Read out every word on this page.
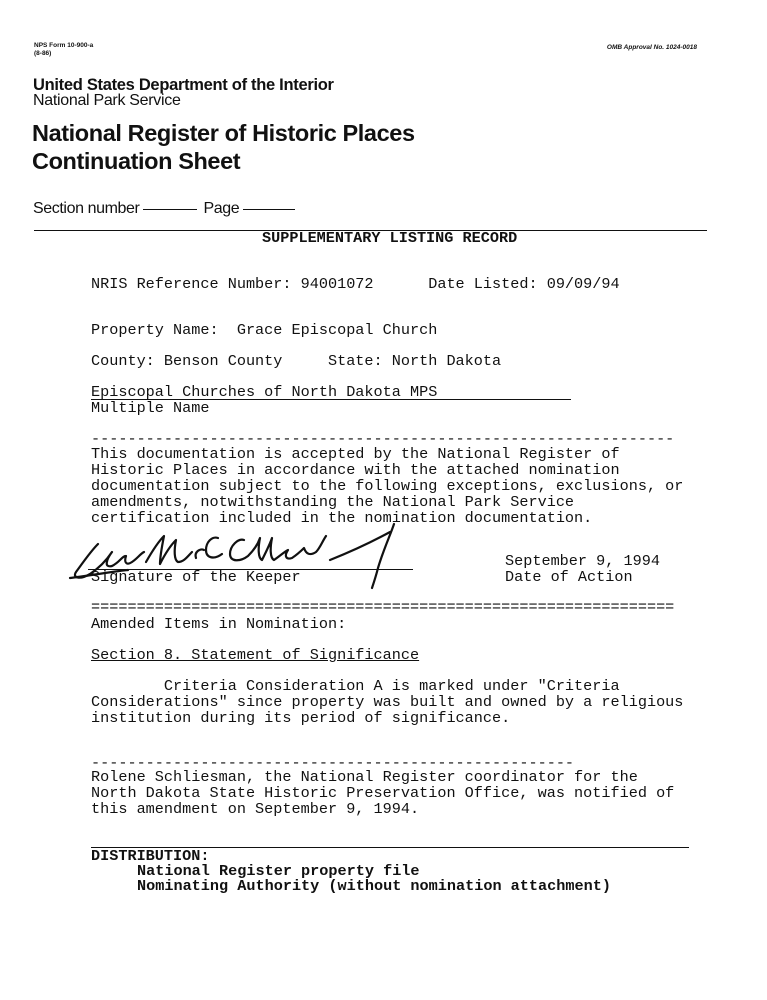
NPS Form 10-900-a
(8-86)
OMB Approval No. 1024-0018
United States Department of the Interior
National Park Service
National Register of Historic Places
Continuation Sheet
Section number	Page
SUPPLEMENTARY LISTING RECORD
NRIS Reference Number: 94001072      Date Listed: 09/09/94
Property Name:  Grace Episcopal Church
County: Benson County     State: North Dakota
Episcopal Churches of North Dakota MPS
Multiple Name
----------------------------------------------------------------
This documentation is accepted by the National Register of
Historic Places in accordance with the attached nomination
documentation subject to the following exceptions, exclusions, or
amendments, notwithstanding the National Park Service
certification included in the nomination documentation.
Signature of the Keeper
September 9, 1994
Date of Action
================================================================
Amended Items in Nomination:
Section 8. Statement of Significance
Criteria Consideration A is marked under "Criteria
Considerations" since property was built and owned by a religious
institution during its period of significance.
-----------------------------------------------------
Rolene Schliesman, the National Register coordinator for the
North Dakota State Historic Preservation Office, was notified of
this amendment on September 9, 1994.
DISTRIBUTION:
National Register property file
Nominating Authority (without nomination attachment)
